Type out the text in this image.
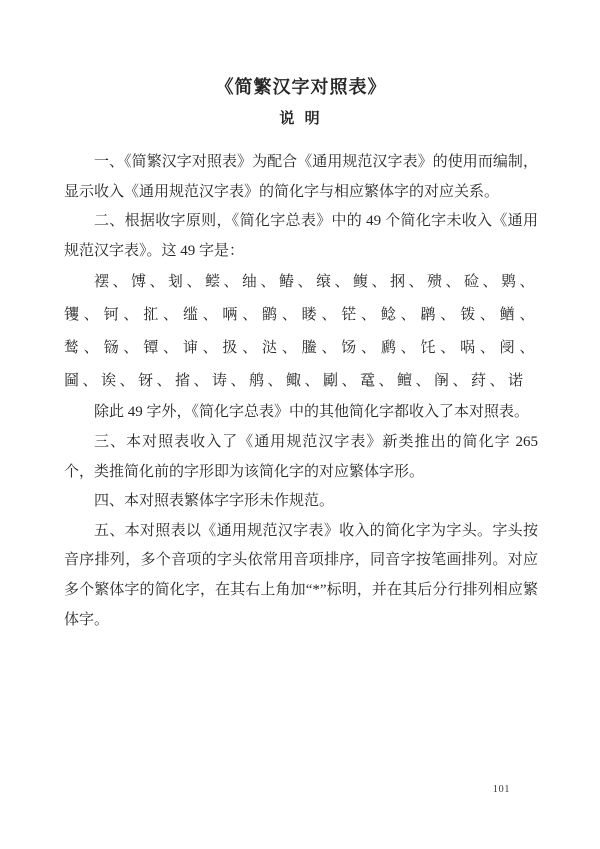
《简繁汉字对照表》
说 明

一、《简繁汉字对照表》为配合《通用规范汉字表》的使用而编制，显示收入《通用规范汉字表》的简化字与相应繁体字的对应关系。

二、根据收字原则，《简化字总表》中的 49 个简化字未收入《通用规范汉字表》。这 49 字是：

䙓、馎、刬、鲿、䌷、䲠、缞、鳆、㧏、㱮、硷、䴗、䦆、钶、㧟、䍀、唡、鹠、䁖、铓、鲶、䴙、䥽、䲡、鹙、铴、镡、谉、扱、㳠、䲢、饧、䴘、饦、㖞、阌、圙、诶、䥺、㨘、诪、鸼、鲰、㔉、鼋、鳣、䦶、荮、诺

除此 49 字外，《简化字总表》中的其他简化字都收入了本对照表。

三、本对照表收入了《通用规范汉字表》新类推出的简化字 265 个，类推简化前的字形即为该简化字的对应繁体字形。

四、本对照表繁体字字形未作规范。

五、本对照表以《通用规范汉字表》收入的简化字为字头。字头按音序排列，多个音项的字头依常用音项排序，同音字按笔画排列。对应多个繁体字的简化字，在其右上角加“*”标明，并在其后分行排列相应繁体字。

101
